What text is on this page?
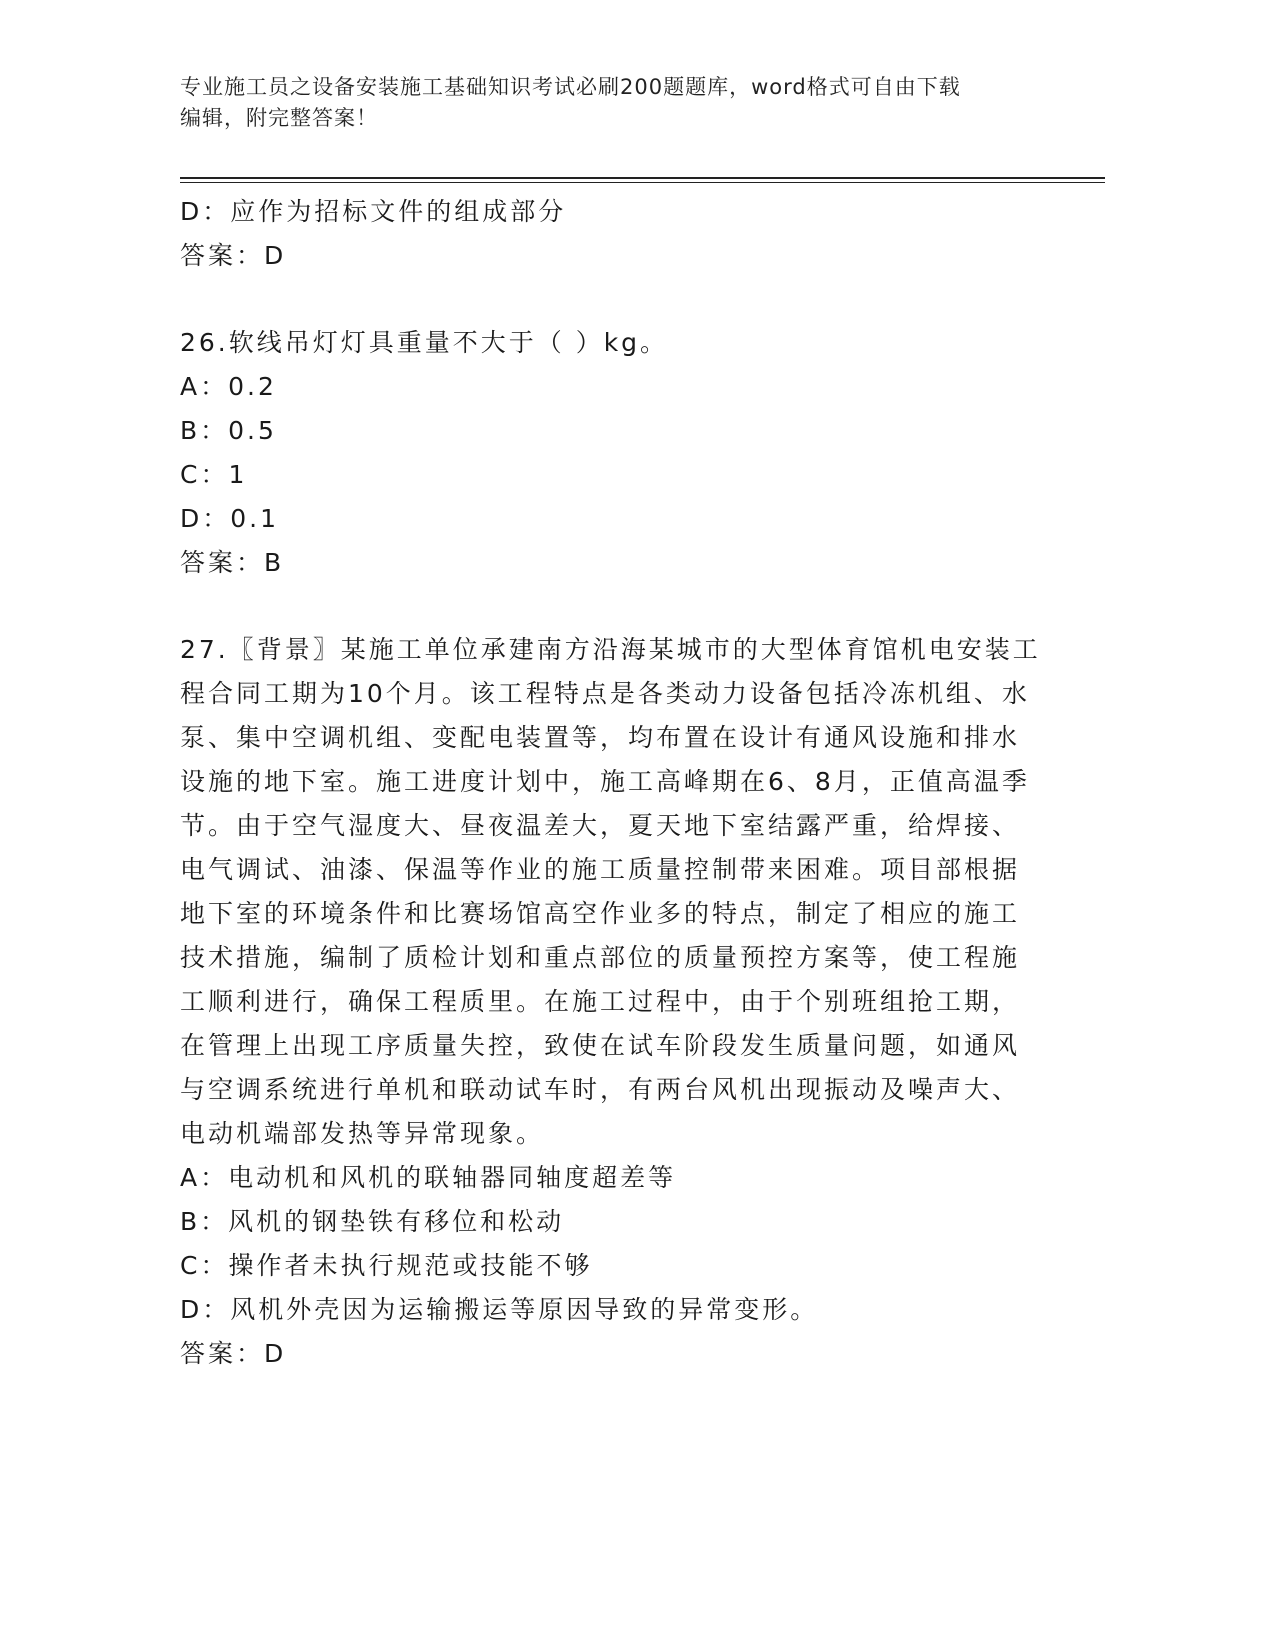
专业施工员之设备安装施工基础知识考试必刷200题题库，word格式可自由下载
编辑，附完整答案！
D：应作为招标文件的组成部分
答案：D
26.软线吊灯灯具重量不大于（ ）kg。
A：0.2
B：0.5
C：1
D：0.1
答案：B
27.〖背景〗某施工单位承建南方沿海某城市的大型体育馆机电安装工
程合同工期为10个月。该工程特点是各类动力设备包括冷冻机组、水
泵、集中空调机组、变配电装置等，均布置在设计有通风设施和排水
设施的地下室。施工进度计划中，施工高峰期在6、8月，正值高温季
节。由于空气湿度大、昼夜温差大，夏天地下室结露严重，给焊接、
电气调试、油漆、保温等作业的施工质量控制带来困难。项目部根据
地下室的环境条件和比赛场馆高空作业多的特点，制定了相应的施工
技术措施，编制了质检计划和重点部位的质量预控方案等，使工程施
工顺利进行，确保工程质里。在施工过程中，由于个别班组抢工期，
在管理上出现工序质量失控，致使在试车阶段发生质量问题，如通风
与空调系统进行单机和联动试车时，有两台风机出现振动及噪声大、
电动机端部发热等异常现象。
A：电动机和风机的联轴器同轴度超差等
B：风机的钢垫铁有移位和松动
C：操作者未执行规范或技能不够
D：风机外壳因为运输搬运等原因导致的异常变形。
答案：D
